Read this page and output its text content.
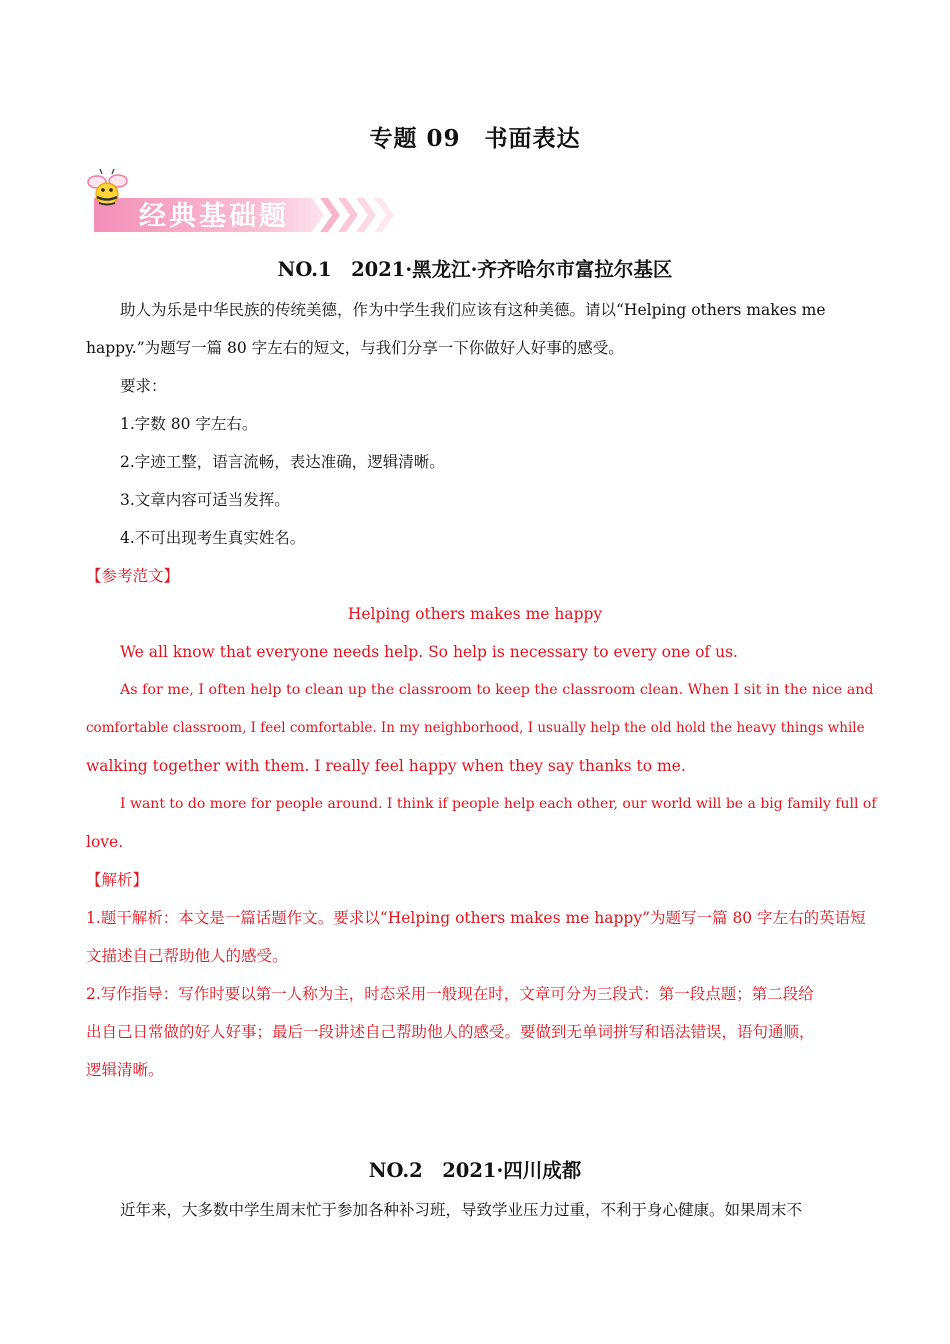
专题 09　书面表达
经典基础题
NO.1　2021·黑龙江·齐齐哈尔市富拉尔基区

助人为乐是中华民族的传统美德，作为中学生我们应该有这种美德。请以“Helping others makes me

happy.”为题写一篇 80 字左右的短文，与我们分享一下你做好人好事的感受。

要求：

1.字数 80 字左右。

2.字迹工整，语言流畅，表达准确，逻辑清晰。

3.文章内容可适当发挥。

4.不可出现考生真实姓名。

【参考范文】

Helping others makes me happy

We all know that everyone needs help. So help is necessary to every one of us.

As for me, I often help to clean up the classroom to keep the classroom clean. When I sit in the nice and

comfortable classroom, I feel comfortable. In my neighborhood, I usually help the old hold the heavy things while

walking together with them. I really feel happy when they say thanks to me.

I want to do more for people around. I think if people help each other, our world will be a big family full of

love.

【解析】

1.题干解析：本文是一篇话题作文。要求以“Helping others makes me happy”为题写一篇 80 字左右的英语短

文描述自己帮助他人的感受。

2.写作指导：写作时要以第一人称为主，时态采用一般现在时，文章可分为三段式：第一段点题；第二段给

出自己日常做的好人好事；最后一段讲述自己帮助他人的感受。要做到无单词拼写和语法错误，语句通顺，

逻辑清晰。

NO.2　2021·四川成都

近年来，大多数中学生周末忙于参加各种补习班，导致学业压力过重，不利于身心健康。如果周末不
